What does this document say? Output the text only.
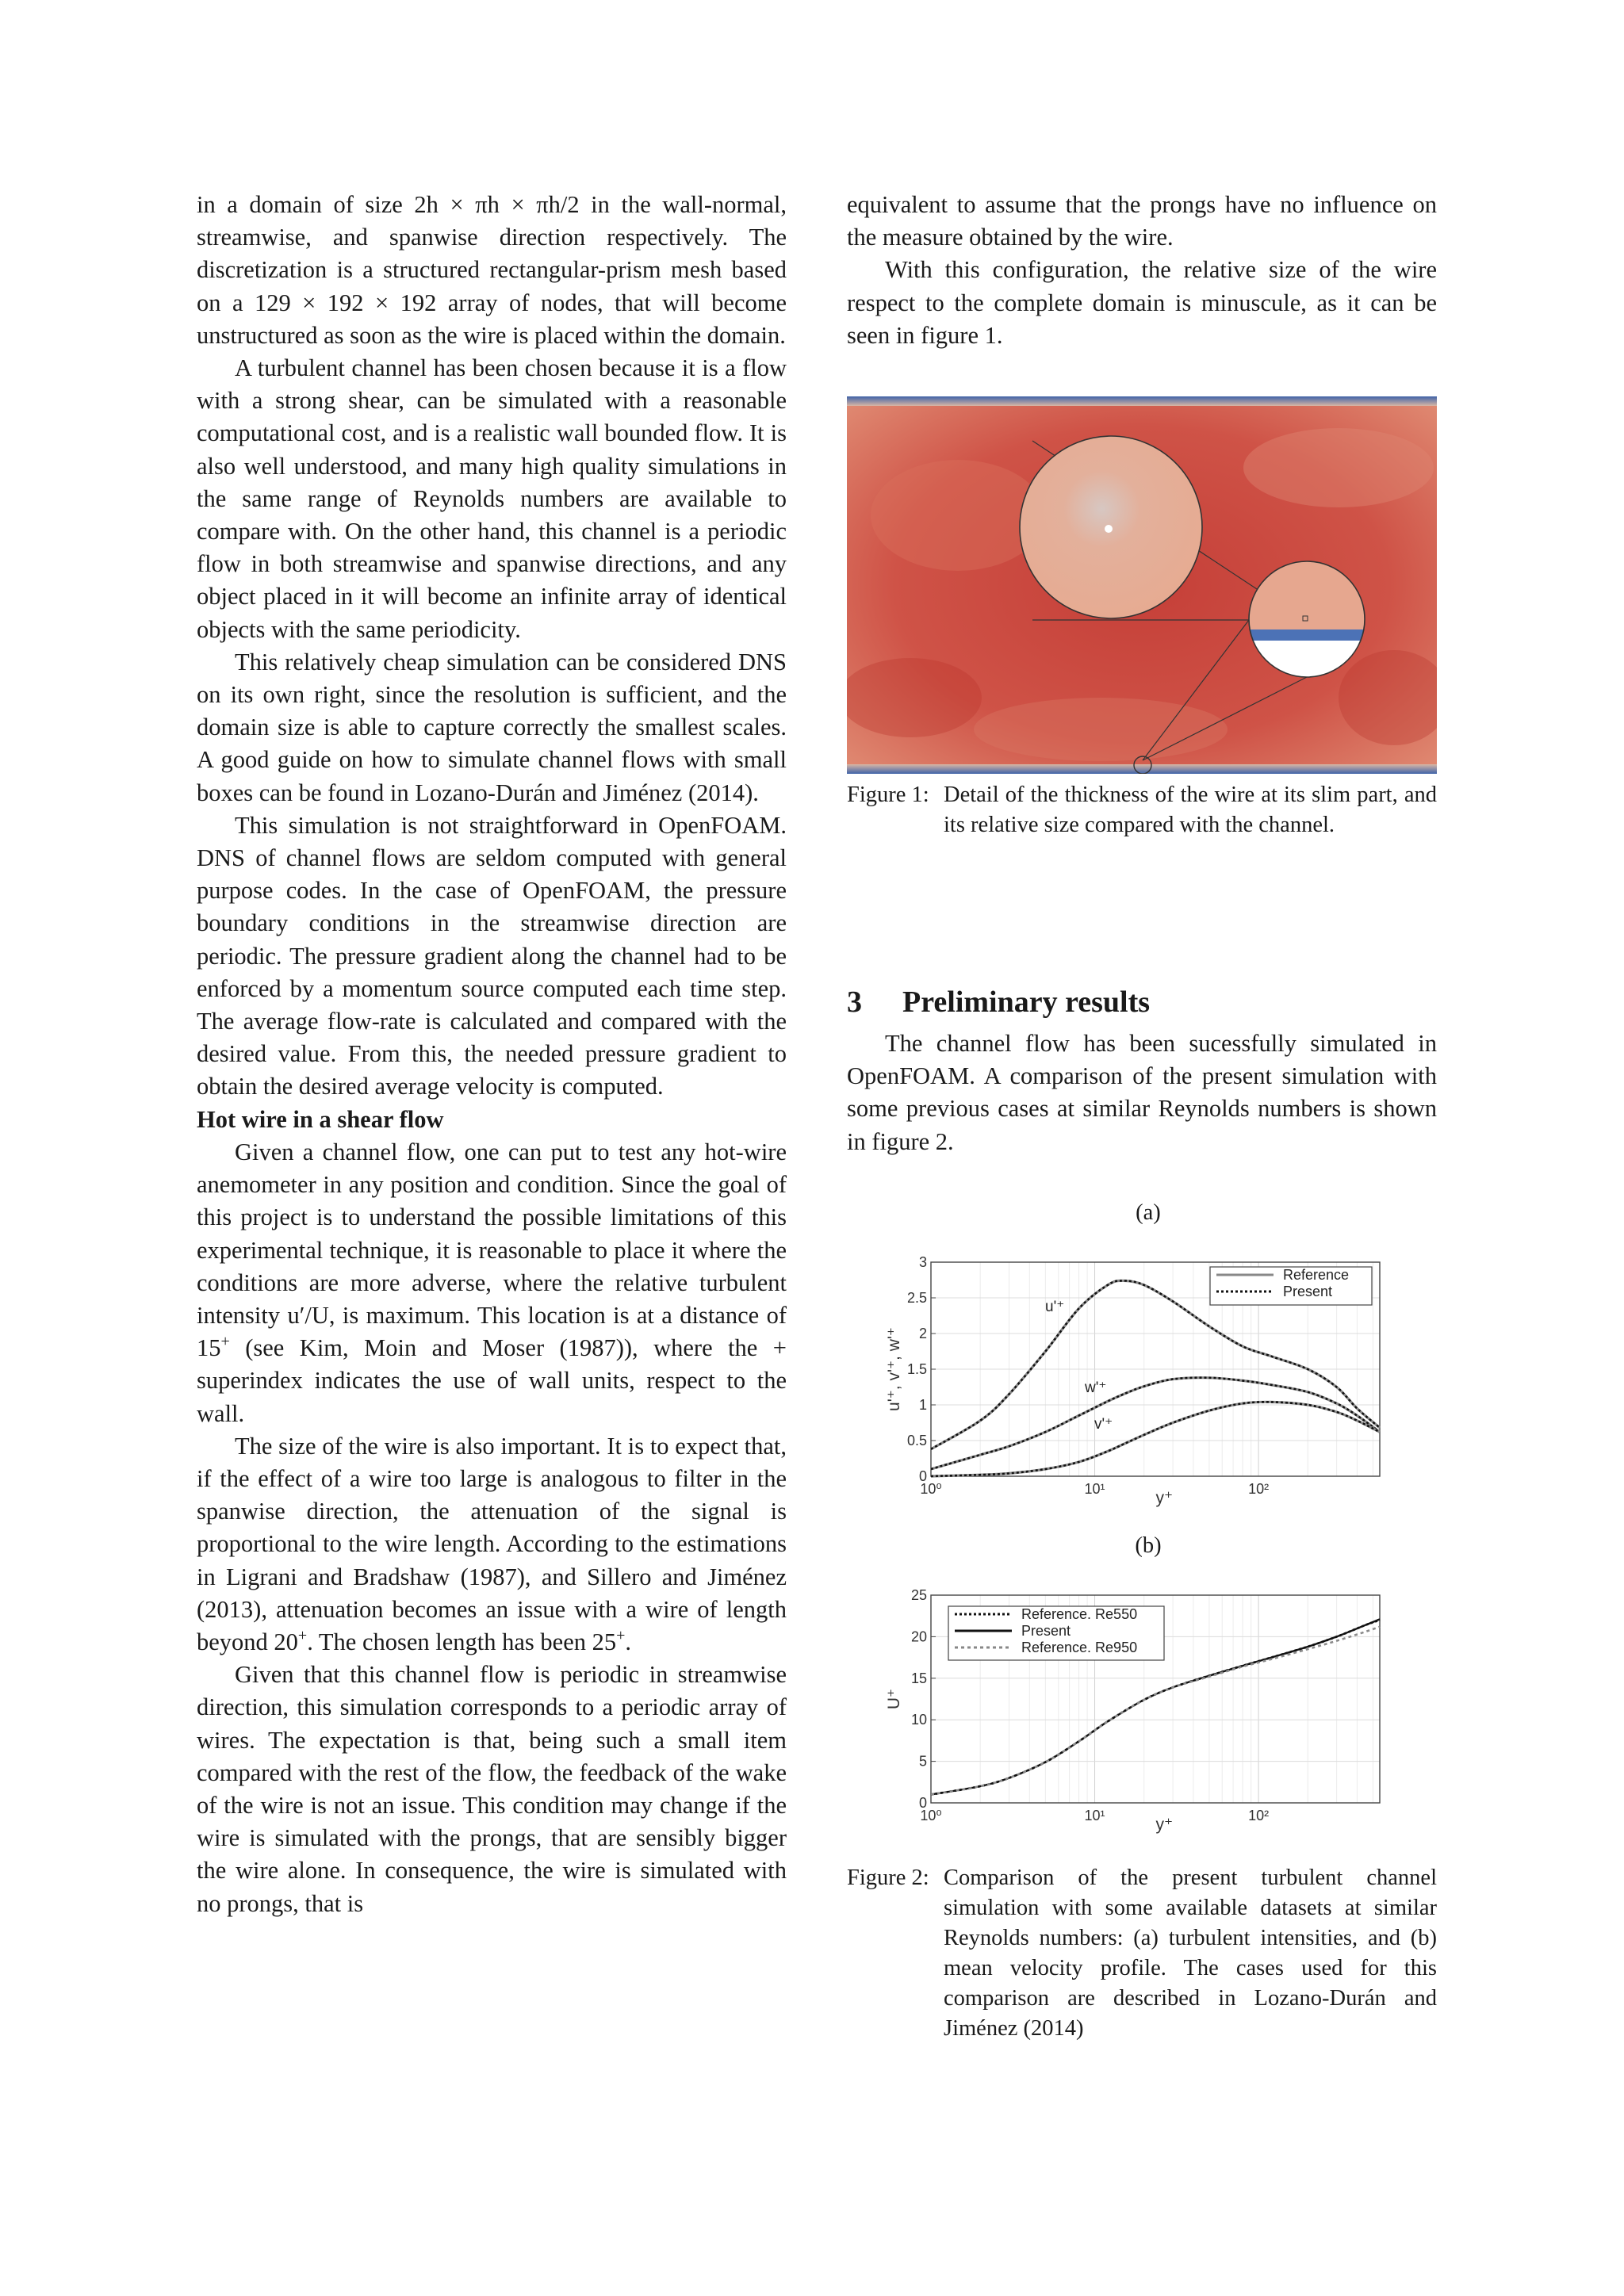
in a domain of size 2h × πh × πh/2 in the wall-normal, streamwise, and spanwise direction respectively. The discretization is a structured rectangular-prism mesh based on a 129 × 192 × 192 array of nodes, that will become unstructured as soon as the wire is placed within the domain.

A turbulent channel has been chosen because it is a flow with a strong shear, can be simulated with a reasonable computational cost, and is a realistic wall bounded flow. It is also well understood, and many high quality simulations in the same range of Reynolds numbers are available to compare with. On the other hand, this channel is a periodic flow in both streamwise and spanwise directions, and any object placed in it will become an infinite array of identical objects with the same periodicity.

This relatively cheap simulation can be considered DNS on its own right, since the resolution is sufficient, and the domain size is able to capture correctly the smallest scales. A good guide on how to simulate channel flows with small boxes can be found in Lozano-Durán and Jiménez (2014).

This simulation is not straightforward in OpenFOAM. DNS of channel flows are seldom computed with general purpose codes. In the case of OpenFOAM, the pressure boundary conditions in the streamwise direction are periodic. The pressure gradient along the channel had to be enforced by a momentum source computed each time step. The average flow-rate is calculated and compared with the desired value. From this, the needed pressure gradient to obtain the desired average velocity is computed.

Hot wire in a shear flow

Given a channel flow, one can put to test any hot-wire anemometer in any position and condition. Since the goal of this project is to understand the possible limitations of this experimental technique, it is reasonable to place it where the conditions are more adverse, where the relative turbulent intensity u′/U, is maximum. This location is at a distance of 15+ (see Kim, Moin and Moser (1987)), where the + superindex indicates the use of wall units, respect to the wall.

The size of the wire is also important. It is to expect that, if the effect of a wire too large is analogous to filter in the spanwise direction, the attenuation of the signal is proportional to the wire length. According to the estimations in Ligrani and Bradshaw (1987), and Sillero and Jiménez (2013), attenuation becomes an issue with a wire of length beyond 20+. The chosen length has been 25+.

Given that this channel flow is periodic in streamwise direction, this simulation corresponds to a periodic array of wires. The expectation is that, being such a small item compared with the rest of the flow, the feedback of the wake of the wire is not an issue. This condition may change if the wire is simulated with the prongs, that are sensibly bigger the wire alone. In consequence, the wire is simulated with no prongs, that is

equivalent to assume that the prongs have no influence on the measure obtained by the wire.

With this configuration, the relative size of the wire respect to the complete domain is minuscule, as it can be seen in figure 1.

Figure 1: Detail of the thickness of the wire at its slim part, and its relative size compared with the channel.

3 Preliminary results

The channel flow has been sucessfully simulated in OpenFOAM. A comparison of the present simulation with some previous cases at similar Reynolds numbers is shown in figure 2.

(a)
0
0.5
1
1.5
2
2.5
3
10⁰	10¹	10²
y⁺
u'⁺, v'⁺, w'⁺
Reference
Present
u'⁺
w'⁺
v'⁺
(b)
0
5
10
15
20
25
10⁰	10¹	10²
y⁺
U⁺
Reference. Re550
Present
Reference. Re950
Figure 2: Comparison of the present turbulent channel simulation with some available datasets at similar Reynolds numbers: (a) turbulent intensities, and (b) mean velocity profile. The cases used for this comparison are described in Lozano-Durán and Jiménez (2014)
